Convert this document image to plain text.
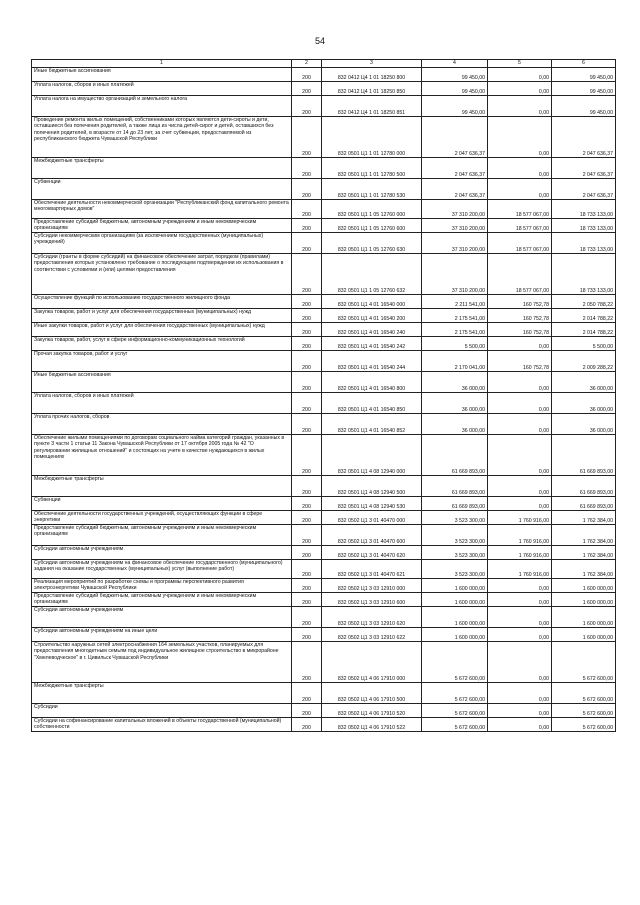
54
1	2	3	4	5	6
Иные бюджетные ассигнования	200	832 0412 Ц4 1 01 18250 800	99 450,00	0,00	99 450,00
Уплата налогов, сборов и иных платежей	200	832 0412 Ц4 1 01 18250 850	99 450,00	0,00	99 450,00
Уплата налога на имущество организаций и земельного налога	200	832 0412 Ц4 1 01 18250 851	99 450,00	0,00	99 450,00
Проведение ремонта жилых помещений, собственниками которых являются дети-сироты и дети, оставшиеся без попечения родителей, а также лица из числа детей-сирот и детей, оставшихся без попечения родителей, в возрасте от 14 до 23 лет, за счет субвенции, предоставляемой из республиканского бюджета Чувашской Республики	200	832 0501 Ц1 1 01 12780 000	2 047 636,37	0,00	2 047 636,37
Межбюджетные трансферты	200	832 0501 Ц1 1 01 12780 500	2 047 636,37	0,00	2 047 636,37
Субвенции	200	832 0501 Ц1 1 01 12780 530	2 047 636,37	0,00	2 047 636,37
Обеспечение деятельности некоммерческой организации "Республиканский фонд капитального ремонта многоквартирных домов"	200	832 0501 Ц1 1 05 12760 000	37 310 200,00	18 577 067,00	18 733 133,00
Предоставление субсидий бюджетным, автономным учреждениям и иным некоммерческим организациям	200	832 0501 Ц1 1 05 12760 600	37 310 200,00	18 577 067,00	18 733 133,00
Субсидии некоммерческим организациям (за исключением государственных (муниципальных) учреждений)	200	832 0501 Ц1 1 05 12760 630	37 310 200,00	18 577 067,00	18 733 133,00
Субсидии (гранты в форме субсидий) на финансовое обеспечение затрат, порядком (правилами) предоставления которых установлено требование о последующем подтверждении их использования в соответствии с условиями и (или) целями предоставления	200	832 0501 Ц1 1 05 12760 632	37 310 200,00	18 577 067,00	18 733 133,00
Осуществление функций по использованию государственного жилищного фонда	200	832 0501 Ц1 4 01 16540 000	2 211 541,00	160 752,78	2 050 788,22
Закупка товаров, работ и услуг для обеспечения государственных (муниципальных) нужд	200	832 0501 Ц1 4 01 16540 200	2 175 541,00	160 752,78	2 014 788,22
Иные закупки товаров, работ и услуг для обеспечения государственных (муниципальных) нужд	200	832 0501 Ц1 4 01 16540 240	2 175 541,00	160 752,78	2 014 788,22
Закупка товаров, работ, услуг в сфере информационно-коммуникационных технологий	200	832 0501 Ц1 4 01 16540 242	5 500,00	0,00	5 500,00
Прочая закупка товаров, работ и услуг	200	832 0501 Ц1 4 01 16540 244	2 170 041,00	160 752,78	2 009 288,22
Иные бюджетные ассигнования	200	832 0501 Ц1 4 01 16540 800	36 000,00	0,00	36 000,00
Уплата налогов, сборов и иных платежей	200	832 0501 Ц1 4 01 16540 850	36 000,00	0,00	36 000,00
Уплата прочих налогов, сборов	200	832 0501 Ц1 4 01 16540 852	36 000,00	0,00	36 000,00
Обеспечение жилыми помещениями по договорам социального найма категорий граждан, указанных в пункте 3 части 1 статьи 11 Закона Чувашской Республики от 17 октября 2005 года № 42 "О регулировании жилищных отношений" и состоящих на учете в качестве нуждающихся в жилых помещениях	200	832 0501 Ц1 4 08 12940 000	61 669 893,00	0,00	61 669 893,00
Межбюджетные трансферты	200	832 0501 Ц1 4 08 12940 500	61 669 893,00	0,00	61 669 893,00
Субвенции	200	832 0501 Ц1 4 08 12940 530	61 669 893,00	0,00	61 669 893,00
Обеспечение деятельности государственных учреждений, осуществляющих функции в сфере энергетики	200	832 0502 Ц1 3 01 40470 000	3 523 300,00	1 760 916,00	1 762 384,00
Предоставление субсидий бюджетным, автономным учреждениям и иным некоммерческим организациям	200	832 0502 Ц1 3 01 40470 600	3 523 300,00	1 760 916,00	1 762 384,00
Субсидии автономным учреждениям	200	832 0502 Ц1 3 01 40470 620	3 523 300,00	1 760 916,00	1 762 384,00
Субсидии автономным учреждениям на финансовое обеспечение государственного (муниципального) задания на оказание государственных (муниципальных) услуг (выполнение работ)	200	832 0502 Ц1 3 01 40470 621	3 523 300,00	1 760 916,00	1 762 384,00
Реализация мероприятий по разработке схемы и программы перспективного развития электроэнергетики Чувашской Республики	200	832 0502 Ц1 3 03 12910 000	1 600 000,00	0,00	1 600 000,00
Предоставление субсидий бюджетным, автономным учреждениям и иным некоммерческим организациям	200	832 0502 Ц1 3 03 12910 600	1 600 000,00	0,00	1 600 000,00
Субсидии автономным учреждениям	200	832 0502 Ц1 3 03 12910 620	1 600 000,00	0,00	1 600 000,00
Субсидии автономным учреждениям на иные цели	200	832 0502 Ц1 3 03 12910 622	1 600 000,00	0,00	1 600 000,00
Строительство наружных сетей электроснабжения 164 земельных участков, планируемых для предоставления многодетным семьям под индивидуальное жилищное строительство в микрорайоне "Хмелеводческое" в г. Цивильск Чувашской Республики	200	832 0502 Ц1 4 06 17910 000	5 672 600,00	0,00	5 672 600,00
Межбюджетные трансферты	200	832 0502 Ц1 4 06 17910 500	5 672 600,00	0,00	5 672 600,00
Субсидии	200	832 0502 Ц1 4 06 17910 520	5 672 600,00	0,00	5 672 600,00
Субсидии на софинансирование капитальных вложений в объекты государственной (муниципальной) собственности	200	832 0502 Ц1 4 06 17910 522	5 672 600,00	0,00	5 672 600,00
